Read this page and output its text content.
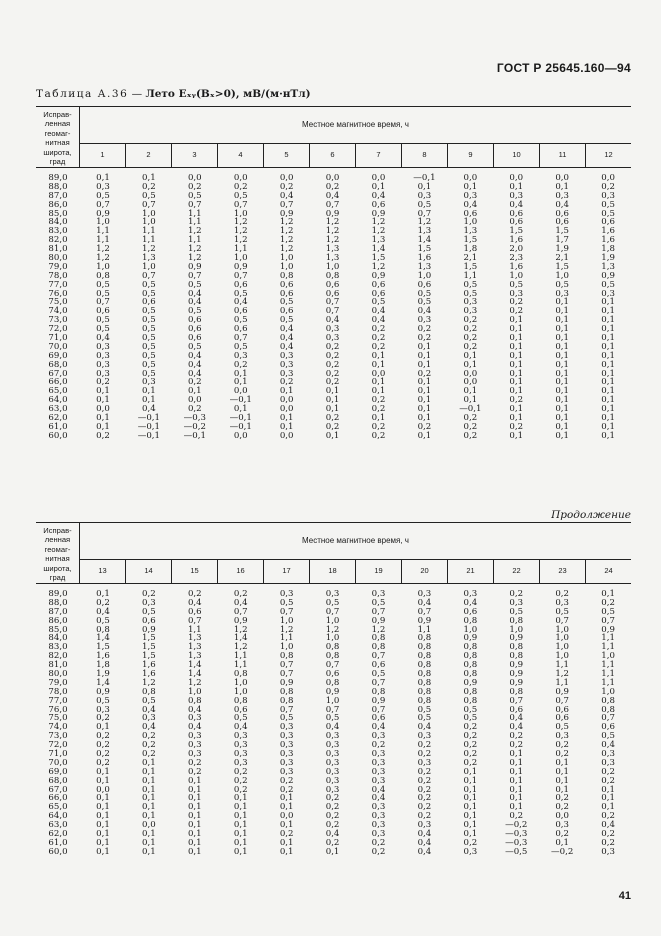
ГОСТ Р 25645.160—94
Таблица А.36 — Лето Eₓᵧ(Bₓ>0), мВ/(м·нТл)
Исправ-
ленная
геомаг-
нитная
широта,
град
Местное магнитное время, ч
1	2	3	4	5	6	7	8	9	10	11	12
89,0	0,1	0,1	0,0	0,0	0,0	0,0	0,0	—0,1	0,0	0,0	0,0	0,0
88,0	0,3	0,2	0,2	0,2	0,2	0,2	0,1	0,1	0,1	0,1	0,1	0,2
87,0	0,5	0,5	0,5	0,5	0,4	0,4	0,4	0,3	0,3	0,3	0,3	0,3
86,0	0,7	0,7	0,7	0,7	0,7	0,7	0,6	0,5	0,4	0,4	0,4	0,5
85,0	0,9	1,0	1,1	1,0	0,9	0,9	0,9	0,7	0,6	0,6	0,6	0,5
84,0	1,0	1,0	1,1	1,2	1,2	1,2	1,2	1,2	1,0	0,6	0,6	0,6
83,0	1,1	1,1	1,2	1,2	1,2	1,2	1,2	1,3	1,3	1,5	1,5	1,6
82,0	1,1	1,1	1,1	1,2	1,2	1,2	1,3	1,4	1,5	1,6	1,7	1,6
81,0	1,2	1,2	1,2	1,1	1,2	1,3	1,4	1,5	1,8	2,0	1,9	1,8
80,0	1,2	1,3	1,2	1,0	1,0	1,3	1,5	1,6	2,1	2,3	2,1	1,9
79,0	1,0	1,0	0,9	0,9	1,0	1,0	1,2	1,3	1,5	1,6	1,5	1,3
78,0	0,8	0,7	0,7	0,7	0,8	0,8	0,9	1,0	1,1	1,0	1,0	0,9
77,0	0,5	0,5	0,5	0,6	0,6	0,6	0,6	0,6	0,5	0,5	0,5	0,5
76,0	0,5	0,5	0,4	0,5	0,6	0,6	0,6	0,5	0,5	0,3	0,3	0,3
75,0	0,7	0,6	0,4	0,4	0,5	0,7	0,5	0,5	0,3	0,2	0,1	0,1
74,0	0,6	0,5	0,5	0,6	0,6	0,7	0,4	0,4	0,3	0,2	0,1	0,1
73,0	0,5	0,5	0,6	0,5	0,5	0,4	0,4	0,3	0,2	0,1	0,1	0,1
72,0	0,5	0,5	0,6	0,6	0,4	0,3	0,2	0,2	0,2	0,1	0,1	0,1
71,0	0,4	0,5	0,6	0,7	0,4	0,3	0,2	0,2	0,2	0,1	0,1	0,1
70,0	0,3	0,5	0,5	0,5	0,4	0,2	0,2	0,1	0,2	0,1	0,1	0,1
69,0	0,3	0,5	0,4	0,3	0,3	0,2	0,1	0,1	0,1	0,1	0,1	0,1
68,0	0,3	0,5	0,4	0,2	0,3	0,2	0,1	0,1	0,1	0,1	0,1	0,1
67,0	0,3	0,5	0,4	0,1	0,3	0,2	0,0	0,2	0,0	0,1	0,1	0,1
66,0	0,2	0,3	0,2	0,1	0,2	0,2	0,1	0,1	0,0	0,1	0,1	0,1
65,0	0,1	0,1	0,1	0,0	0,1	0,1	0,1	0,1	0,1	0,1	0,1	0,1
64,0	0,1	0,1	0,0	—0,1	0,0	0,1	0,2	0,1	0,1	0,2	0,1	0,1
63,0	0,0	0,4	0,2	0,1	0,0	0,1	0,2	0,1	—0,1	0,1	0,1	0,1
62,0	0,1	—0,1	—0,3	—0,1	0,1	0,2	0,1	0,1	0,2	0,1	0,1	0,1
61,0	0,1	—0,1	—0,2	—0,1	0,1	0,2	0,2	0,2	0,2	0,2	0,1	0,1
60,0	0,2	—0,1	—0,1	0,0	0,0	0,1	0,2	0,1	0,2	0,1	0,1	0,1
Продолжение
Исправ-
ленная
геомаг-
нитная
широта,
град
Местное магнитное время, ч
13	14	15	16	17	18	19	20	21	22	23	24
89,0	0,1	0,2	0,2	0,2	0,3	0,3	0,3	0,3	0,3	0,2	0,2	0,1
88,0	0,2	0,3	0,4	0,4	0,5	0,5	0,5	0,4	0,4	0,3	0,3	0,2
87,0	0,4	0,5	0,6	0,7	0,7	0,7	0,7	0,7	0,6	0,5	0,5	0,5
86,0	0,5	0,6	0,7	0,9	1,0	1,0	0,9	0,9	0,8	0,8	0,7	0,7
85,0	0,8	0,9	1,1	1,2	1,2	1,2	1,2	1,1	1,0	1,0	1,0	0,9
84,0	1,4	1,5	1,3	1,4	1,1	1,0	0,8	0,8	0,9	0,9	1,0	1,1
83,0	1,5	1,5	1,3	1,2	1,0	0,8	0,8	0,8	0,8	0,8	1,0	1,1
82,0	1,6	1,5	1,3	1,1	0,8	0,8	0,7	0,8	0,8	0,8	1,0	1,0
81,0	1,8	1,6	1,4	1,1	0,7	0,7	0,6	0,8	0,8	0,9	1,1	1,1
80,0	1,9	1,6	1,4	0,8	0,7	0,6	0,5	0,8	0,8	0,9	1,2	1,1
79,0	1,4	1,2	1,2	1,0	0,9	0,8	0,7	0,8	0,9	0,9	1,1	1,1
78,0	0,9	0,8	1,0	1,0	0,8	0,9	0,8	0,8	0,8	0,8	0,9	1,0
77,0	0,5	0,5	0,8	0,8	0,8	1,0	0,9	0,8	0,8	0,7	0,7	0,8
76,0	0,3	0,4	0,4	0,6	0,7	0,7	0,7	0,5	0,5	0,6	0,6	0,8
75,0	0,2	0,3	0,3	0,5	0,5	0,5	0,6	0,5	0,5	0,4	0,6	0,7
74,0	0,1	0,4	0,4	0,4	0,3	0,4	0,4	0,4	0,2	0,4	0,5	0,6
73,0	0,2	0,2	0,3	0,3	0,3	0,3	0,3	0,3	0,2	0,2	0,3	0,5
72,0	0,2	0,2	0,3	0,3	0,3	0,3	0,2	0,2	0,2	0,2	0,2	0,4
71,0	0,2	0,2	0,3	0,3	0,3	0,3	0,3	0,2	0,2	0,1	0,2	0,3
70,0	0,2	0,1	0,2	0,3	0,3	0,3	0,3	0,3	0,2	0,1	0,1	0,3
69,0	0,1	0,1	0,2	0,2	0,3	0,3	0,3	0,2	0,1	0,1	0,1	0,2
68,0	0,1	0,1	0,1	0,2	0,2	0,3	0,3	0,2	0,1	0,1	0,1	0,2
67,0	0,0	0,1	0,1	0,2	0,2	0,3	0,4	0,2	0,1	0,1	0,1	0,1
66,0	0,1	0,1	0,1	0,1	0,1	0,2	0,4	0,2	0,1	0,1	0,2	0,1
65,0	0,1	0,1	0,1	0,1	0,1	0,2	0,3	0,2	0,1	0,1	0,2	0,1
64,0	0,1	0,1	0,1	0,1	0,0	0,2	0,3	0,2	0,1	0,2	0,0	0,2
63,0	0,1	0,0	0,1	0,1	0,1	0,2	0,3	0,3	0,1	—0,2	0,3	0,4
62,0	0,1	0,1	0,1	0,1	0,2	0,4	0,3	0,4	0,1	—0,3	0,2	0,2
61,0	0,1	0,1	0,1	0,1	0,1	0,2	0,2	0,4	0,2	—0,3	0,1	0,2
60,0	0,1	0,1	0,1	0,1	0,1	0,1	0,2	0,4	0,3	—0,5	—0,2	0,3
41
